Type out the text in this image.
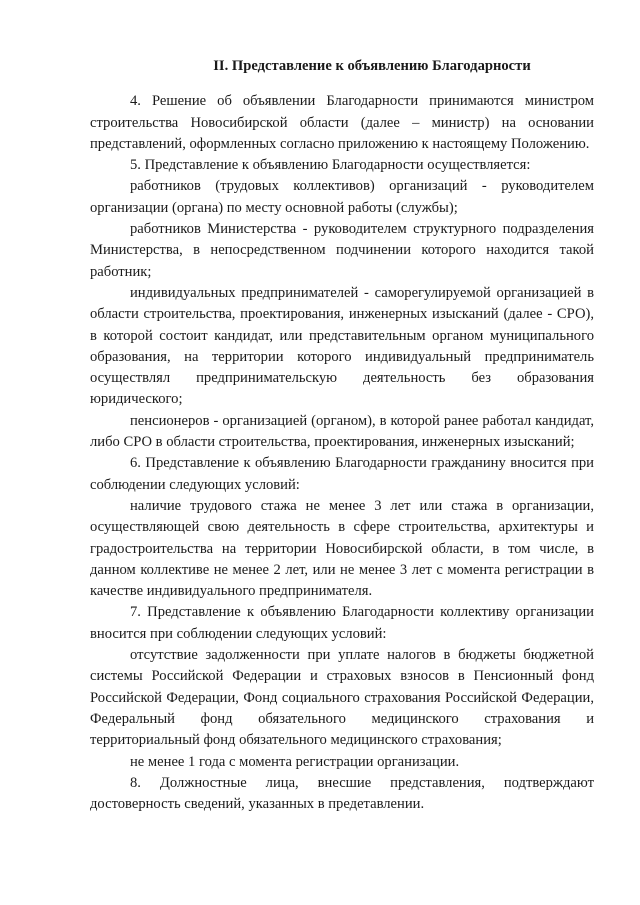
II. Представление к объявлению Благодарности

4. Решение об объявлении Благодарности принимаются министром строительства Новосибирской области (далее – министр) на основании представлений, оформленных согласно приложению к настоящему Положению.

5. Представление к объявлению Благодарности осуществляется:

работников (трудовых коллективов) организаций - руководителем организации (органа) по месту основной работы (службы);

работников Министерства - руководителем структурного подразделения Министерства, в непосредственном подчинении которого находится такой работник;

индивидуальных предпринимателей - саморегулируемой организацией в области строительства, проектирования, инженерных изысканий (далее - СРО), в которой состоит кандидат, или представительным органом муниципального образования, на территории которого индивидуальный предприниматель осуществлял предпринимательскую деятельность без образования юридического;

пенсионеров - организацией (органом), в которой ранее работал кандидат, либо СРО в области строительства, проектирования, инженерных изысканий;

6. Представление к объявлению Благодарности гражданину вносится при соблюдении следующих условий:

наличие трудового стажа не менее 3 лет или стажа в организации, осуществляющей свою деятельность в сфере строительства, архитектуры и градостроительства на территории Новосибирской области, в том числе, в данном коллективе не менее 2 лет, или не менее 3 лет с момента регистрации в качестве индивидуального предпринимателя.

7. Представление к объявлению Благодарности коллективу организации вносится при соблюдении следующих условий:

отсутствие задолженности при уплате налогов в бюджеты бюджетной системы Российской Федерации и страховых взносов в Пенсионный фонд Российской Федерации, Фонд социального страхования Российской Федерации, Федеральный фонд обязательного медицинского страхования и территориальный фонд обязательного медицинского страхования;

не менее 1 года с момента регистрации организации.

8. Должностные лица, внесшие представления, подтверждают достоверность сведений, указанных в предетавлении.
